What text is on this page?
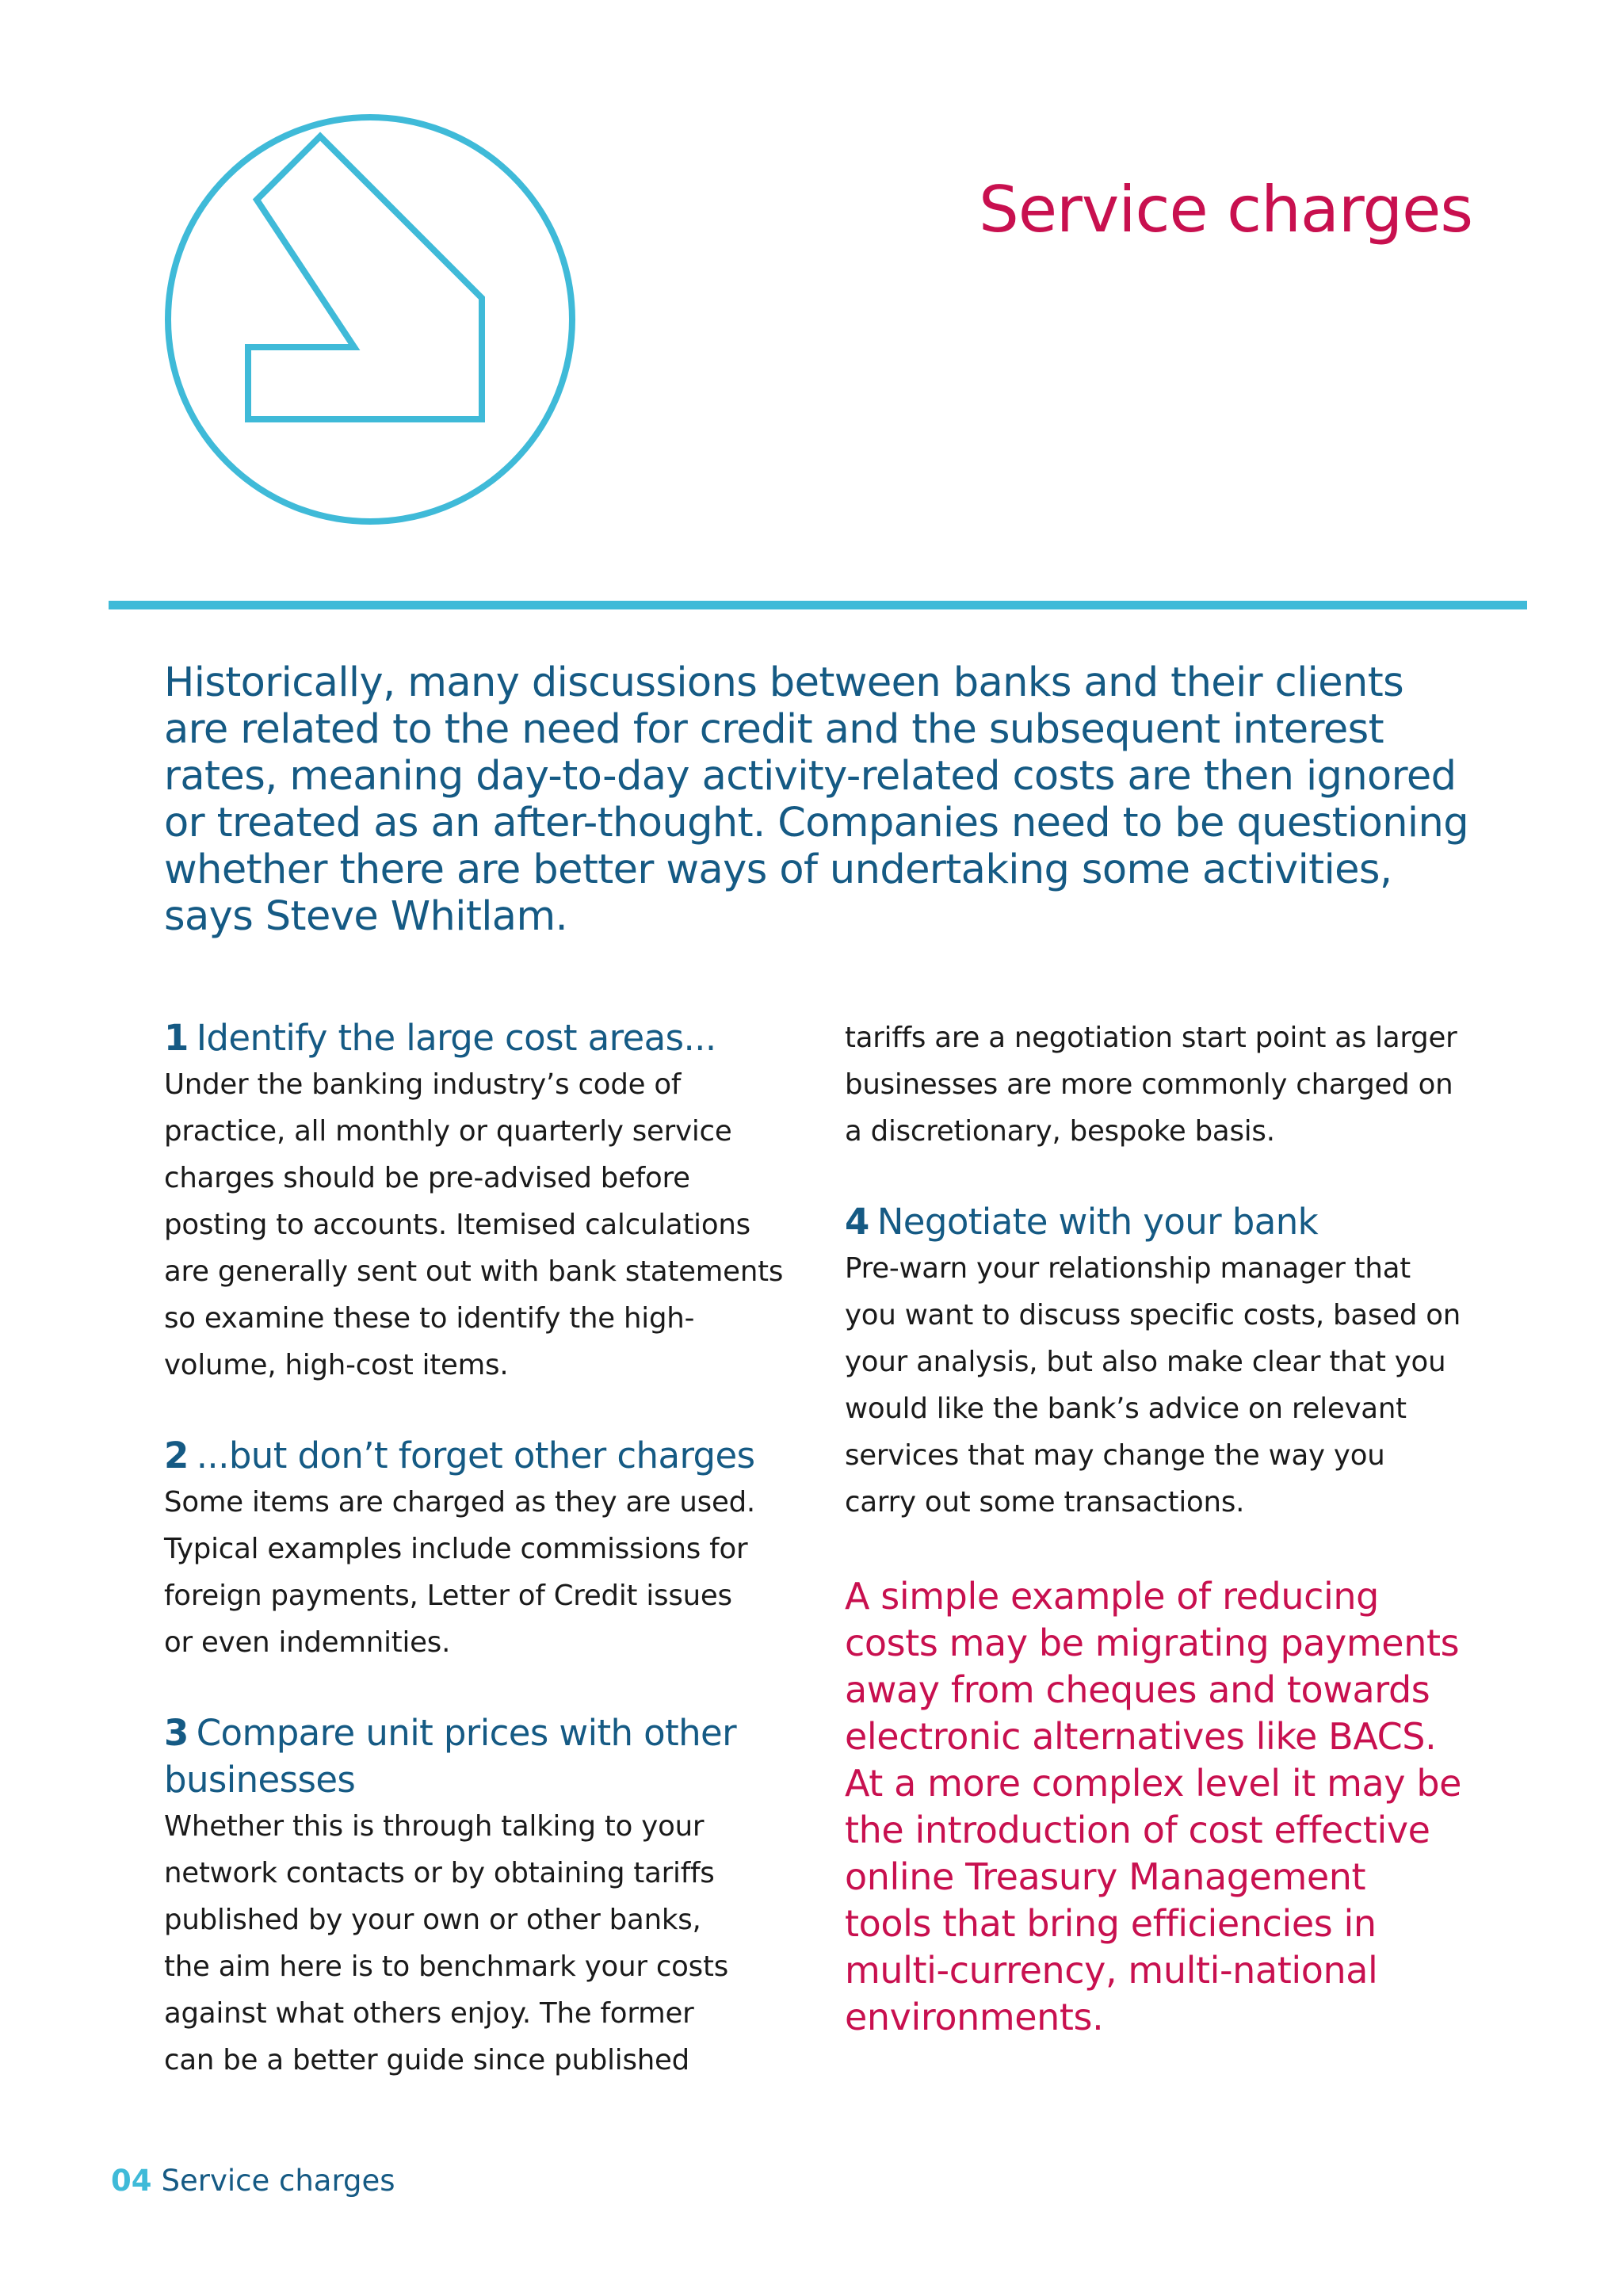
Service charges

Historically, many discussions between banks and their clients are related to the need for credit and the subsequent interest rates, meaning day-to-day activity-related costs are then ignored or treated as an after-thought. Companies need to be questioning whether there are better ways of undertaking some activities, says Steve Whitlam.

1 Identify the large cost areas...
Under the banking industry’s code of
practice, all monthly or quarterly service
charges should be pre-advised before
posting to accounts. Itemised calculations
are generally sent out with bank statements
so examine these to identify the high-
volume, high-cost items.
2 ...but don’t forget other charges
Some items are charged as they are used.
Typical examples include commissions for
foreign payments, Letter of Credit issues
or even indemnities.
3 Compare unit prices with other
businesses
Whether this is through talking to your
network contacts or by obtaining tariffs
published by your own or other banks,
the aim here is to benchmark your costs
against what others enjoy. The former
can be a better guide since published
tariffs are a negotiation start point as larger
businesses are more commonly charged on
a discretionary, bespoke basis.
4 Negotiate with your bank
Pre-warn your relationship manager that
you want to discuss specific costs, based on
your analysis, but also make clear that you
would like the bank’s advice on relevant
services that may change the way you
carry out some transactions.
A simple example of reducing
costs may be migrating payments
away from cheques and towards
electronic alternatives like BACS.
At a more complex level it may be
the introduction of cost effective
online Treasury Management
tools that bring efficiencies in
multi-currency, multi-national
environments.
04 Service charges
